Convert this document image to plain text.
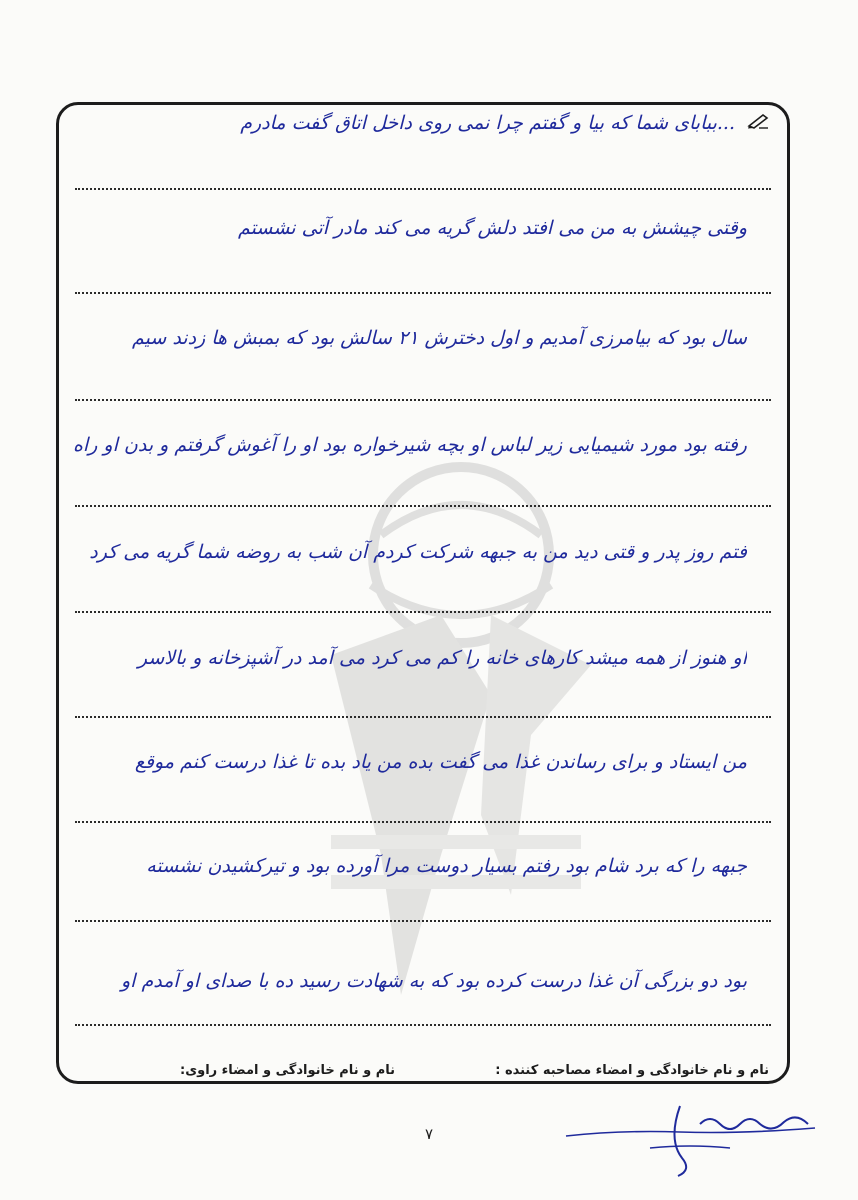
...ببابای شما که بیا و گفتم چرا نمی روی داخل اتاق گفت مادرم
وقتی چیشش به من می افتد دلش گریه می کند مادر آتی نشستم
سال بود که بیامرزی آمدیم و اول دخترش ۲۱ سالش بود که بمبش ها زدند سیم
رفته بود مورد شیمیایی زیر لباس او بچه شیرخواره بود او را آغوش گرفتم و بدن او راه
فتم روز پدر و قتی دید من به جبهه شرکت کردم آن شب به روضه شما گریه می کرد
او هنوز از همه میشد کارهای خانه را کم می کرد می آمد در آشپزخانه و بالاسر
من ایستاد و برای رساندن غذا می گفت بده من یاد بده تا غذا درست کنم موقع
جبهه را که برد شام بود رفتم بسیار دوست مرا آورده بود و تیرکشیدن نشسته
بود دو بزرگی آن غذا درست کرده بود که به شهادت رسید ده با صدای او آمدم او
نام و نام خانوادگی و امضاء مصاحبه کننده :
نام و نام خانوادگی و امضاء راوی:
۷
